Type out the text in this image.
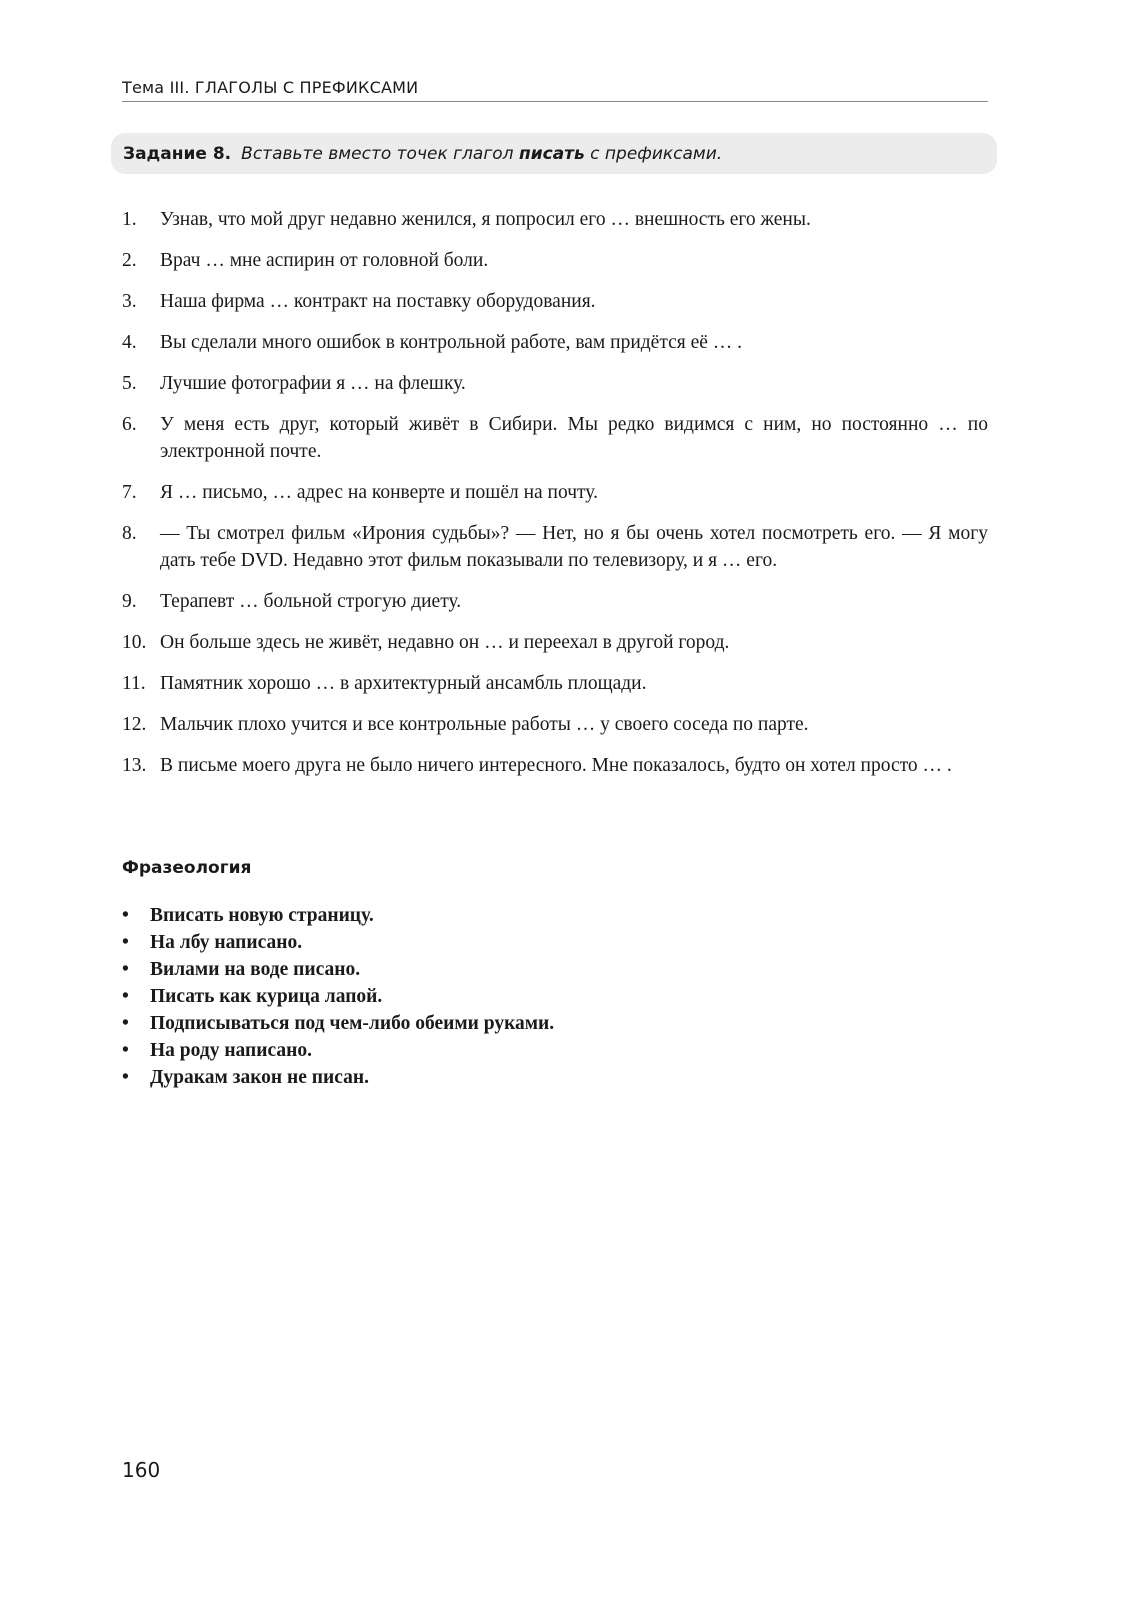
Тема III. ГЛАГОЛЫ С ПРЕФИКСАМИ
Задание 8. Вставьте вместо точек глагол писать с префиксами.
1. Узнав, что мой друг недавно женился, я попросил его … внешность его жены.
2. Врач … мне аспирин от головной боли.
3. Наша фирма … контракт на поставку оборудования.
4. Вы сделали много ошибок в контрольной работе, вам придётся её … .
5. Лучшие фотографии я … на флешку.
6. У меня есть друг, который живёт в Сибири. Мы редко видимся с ним, но постоянно … по электронной почте.
7. Я … письмо, … адрес на конверте и пошёл на почту.
8. — Ты смотрел фильм «Ирония судьбы»? — Нет, но я бы очень хотел посмотреть его. — Я могу дать тебе DVD. Недавно этот фильм показывали по телевизору, и я … его.
9. Терапевт … больной строгую диету.
10. Он больше здесь не живёт, недавно он … и переехал в другой город.
11. Памятник хорошо … в архитектурный ансамбль площади.
12. Мальчик плохо учится и все контрольные работы … у своего соседа по парте.
13. В письме моего друга не было ничего интересного. Мне показалось, будто он хотел просто … .
Фразеология
• Вписать новую страницу.
• На лбу написано.
• Вилами на воде писано.
• Писать как курица лапой.
• Подписываться под чем-либо обеими руками.
• На роду написано.
• Дуракам закон не писан.
160
